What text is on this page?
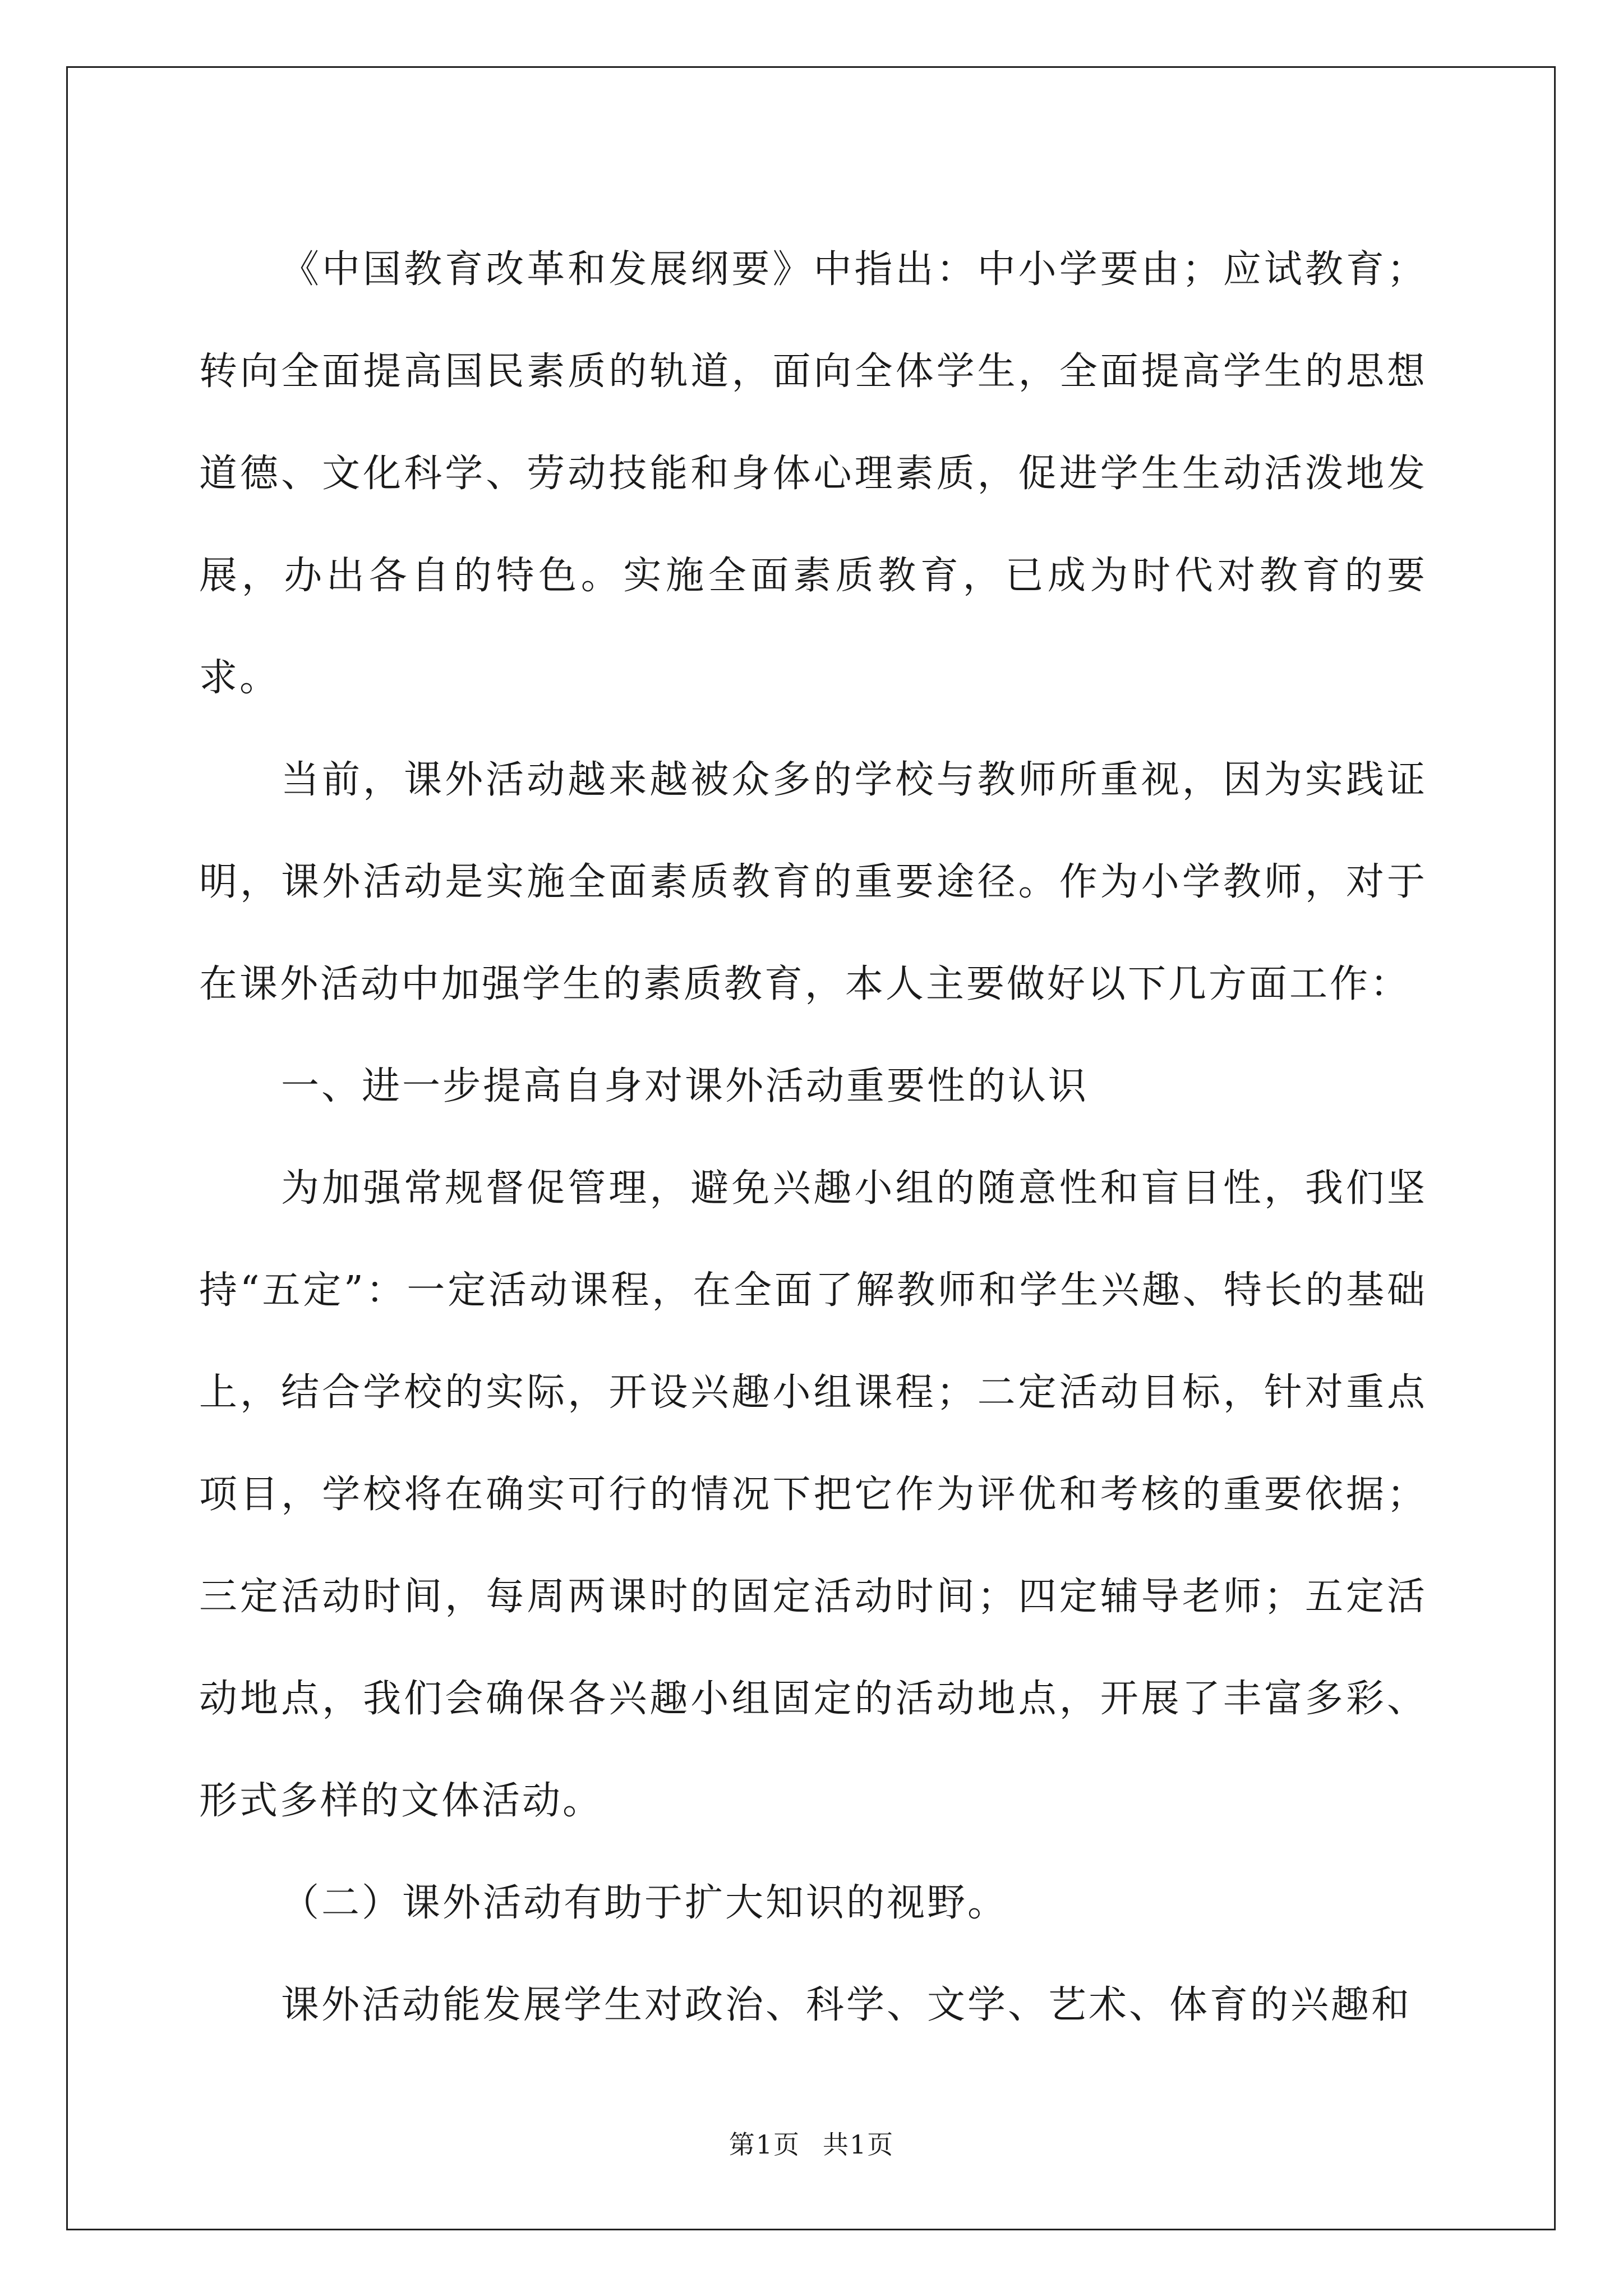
《中国教育改革和发展纲要》中指出：中小学要由；应试教育；转向全面提高国民素质的轨道，面向全体学生，全面提高学生的思想道德、文化科学、劳动技能和身体心理素质，促进学生生动活泼地发展，办出各自的特色。实施全面素质教育，已成为时代对教育的要求。

当前，课外活动越来越被众多的学校与教师所重视，因为实践证明，课外活动是实施全面素质教育的重要途径。作为小学教师，对于在课外活动中加强学生的素质教育，本人主要做好以下几方面工作：

一、进一步提高自身对课外活动重要性的认识

为加强常规督促管理，避免兴趣小组的随意性和盲目性，我们坚持“五定”：一定活动课程，在全面了解教师和学生兴趣、特长的基础上，结合学校的实际，开设兴趣小组课程；二定活动目标，针对重点项目，学校将在确实可行的情况下把它作为评优和考核的重要依据；三定活动时间，每周两课时的固定活动时间；四定辅导老师；五定活动地点，我们会确保各兴趣小组固定的活动地点，开展了丰富多彩、形式多样的文体活动。

（二）课外活动有助于扩大知识的视野。

课外活动能发展学生对政治、科学、文学、艺术、体育的兴趣和

第1页 共1页
